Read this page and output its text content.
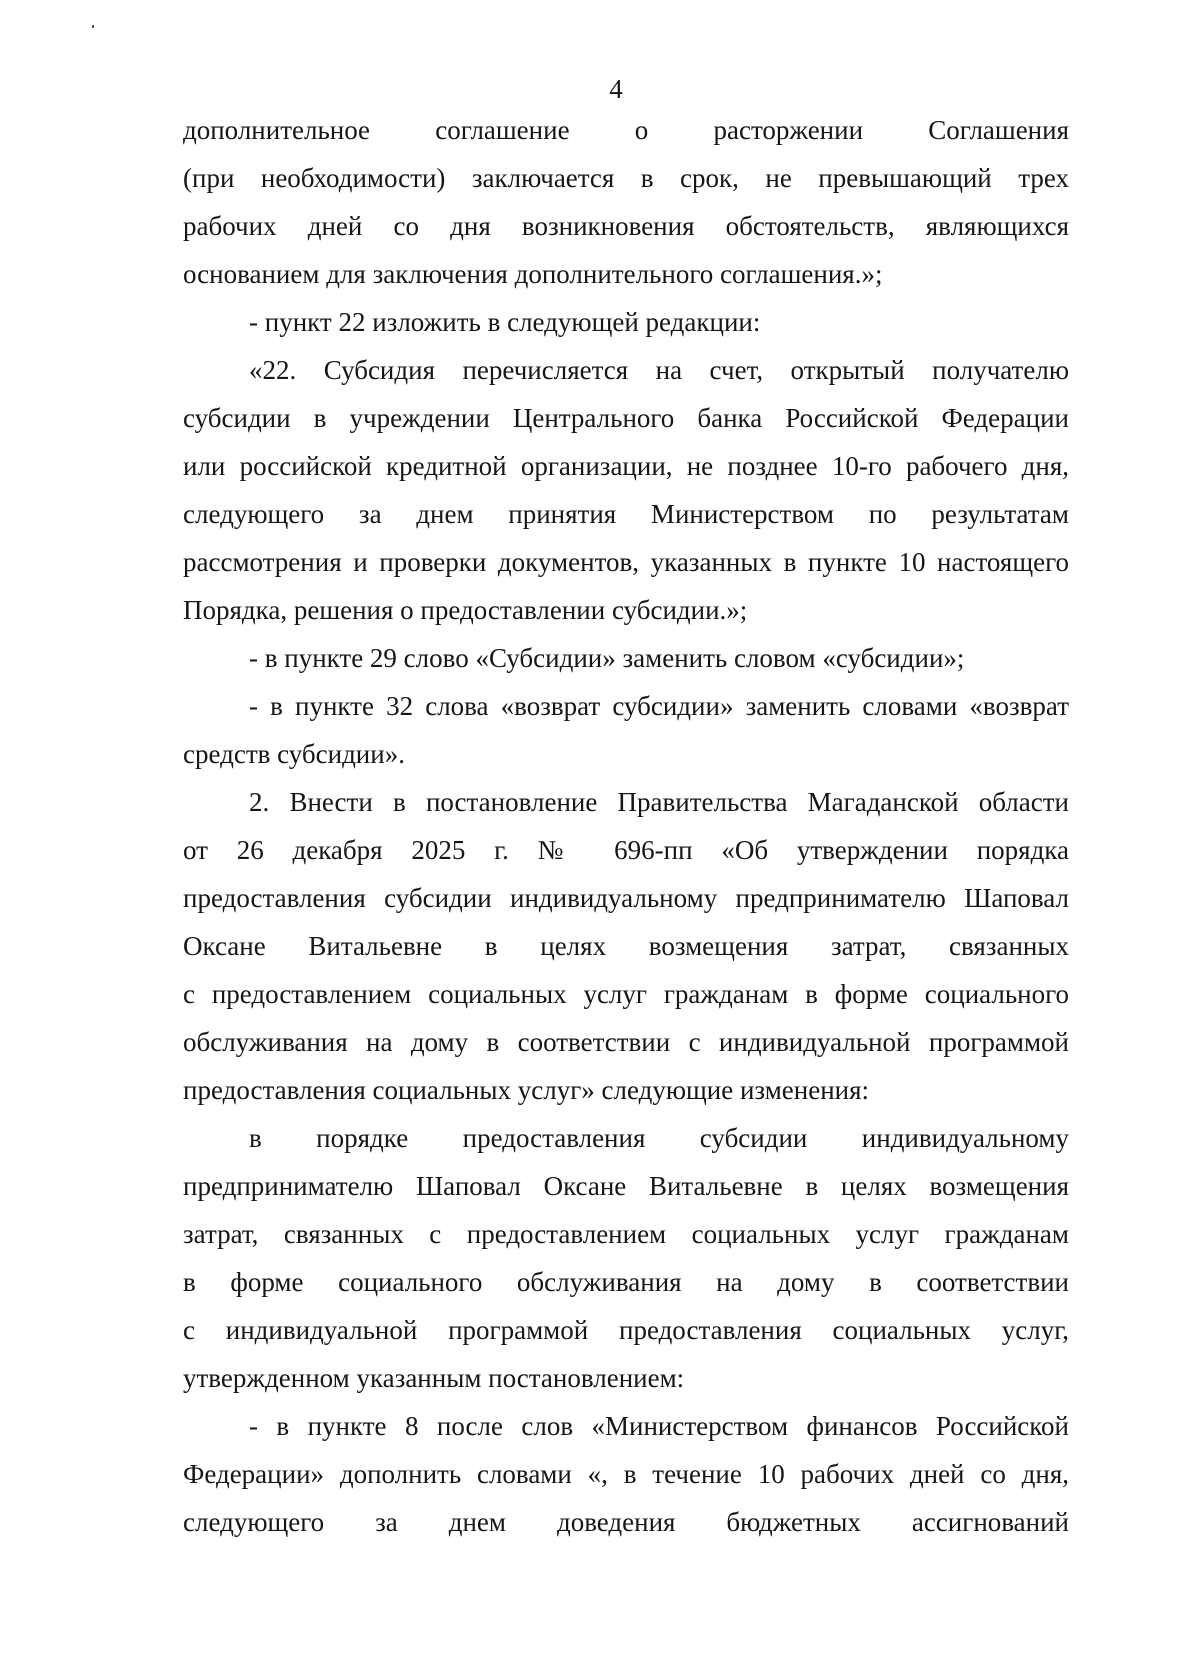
4
дополнительное соглашение о расторжении Соглашения
(при необходимости) заключается в срок, не превышающий трех
рабочих дней со дня возникновения обстоятельств, являющихся
основанием для заключения дополнительного соглашения.»;
- пункт 22 изложить в следующей редакции:
«22. Субсидия перечисляется на счет, открытый получателю
субсидии в учреждении Центрального банка Российской Федерации
или российской кредитной организации, не позднее 10-го рабочего дня,
следующего за днем принятия Министерством по результатам
рассмотрения и проверки документов, указанных в пункте 10 настоящего
Порядка, решения о предоставлении субсидии.»;
- в пункте 29 слово «Субсидии» заменить словом «субсидии»;
- в пункте 32 слова «возврат субсидии» заменить словами «возврат
средств субсидии».
2. Внести в постановление Правительства Магаданской области
от 26 декабря 2025 г. № 696-пп «Об утверждении порядка
предоставления субсидии индивидуальному предпринимателю Шаповал
Оксане Витальевне в целях возмещения затрат, связанных
с предоставлением социальных услуг гражданам в форме социального
обслуживания на дому в соответствии с индивидуальной программой
предоставления социальных услуг» следующие изменения:
в порядке предоставления субсидии индивидуальному
предпринимателю Шаповал Оксане Витальевне в целях возмещения
затрат, связанных с предоставлением социальных услуг гражданам
в форме социального обслуживания на дому в соответствии
с индивидуальной программой предоставления социальных услуг,
утвержденном указанным постановлением:
- в пункте 8 после слов «Министерством финансов Российской
Федерации» дополнить словами «, в течение 10 рабочих дней со дня,
следующего за днем доведения бюджетных ассигнований
